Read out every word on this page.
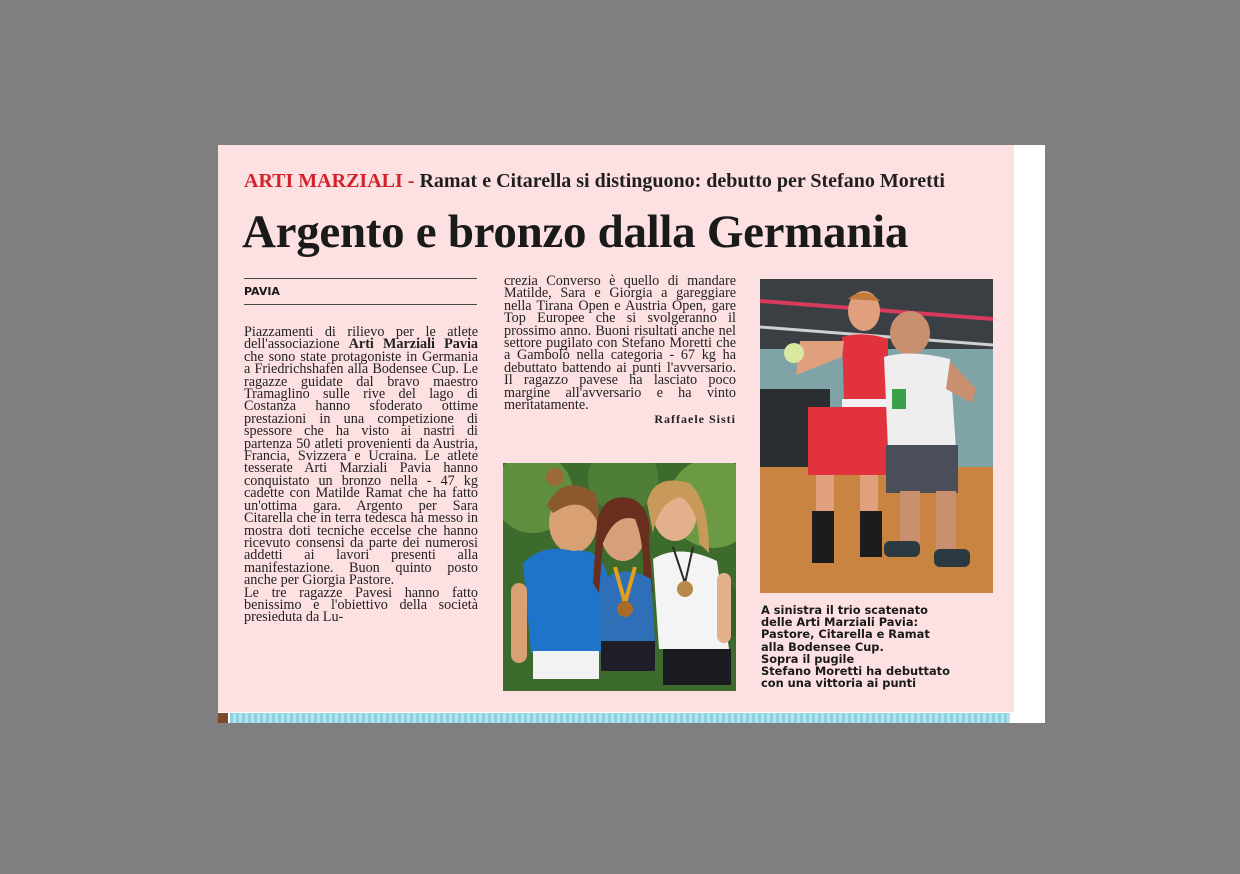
ARTI MARZIALI - Ramat e Citarella si distinguono: debutto per Stefano Moretti
Argento e bronzo dalla Germania
PAVIA

Piazzamenti di rilievo per le atlete dell'associazione Arti Marziali Pavia che sono state protagoniste in Germania a Friedrichshafen alla Bodensee Cup. Le ragazze guidate dal bravo maestro Tramaglino sulle rive del lago di Costanza hanno sfoderato ottime prestazioni in una competizione di spessore che ha visto ai nastri di partenza 50 atleti provenienti da Austria, Francia, Svizzera e Ucraina. Le atlete tesserate Arti Marziali Pavia hanno conquistato un bronzo nella - 47 kg cadette con Matilde Ramat che ha fatto un'ottima gara. Argento per Sara Citarella che in terra tedesca ha messo in mostra doti tecniche eccelse che hanno ricevuto consensi da parte dei numerosi addetti ai lavori presenti alla manifestazione. Buon quinto posto anche per Giorgia Pastore.

Le tre ragazze Pavesi hanno fatto benissimo e l'obiettivo della società presieduta da Lu-

crezia Converso è quello di mandare Matilde, Sara e Giorgia a gareggiare nella Tirana Open e Austria Open, gare Top Europee che si svolgeranno il prossimo anno. Buoni risultati anche nel settore pugilato con Stefano Moretti che a Gambolò nella categoria - 67 kg ha debuttato battendo ai punti l'avversario. Il ragazzo pavese ha lasciato poco margine all'avversario e ha vinto meritatamente.

Raffaele Sisti

A sinistra il trio scatenato

delle Arti Marziali Pavia:

Pastore, Citarella e Ramat

alla Bodensee Cup.

Sopra il pugile

Stefano Moretti ha debuttato

con una vittoria ai punti
